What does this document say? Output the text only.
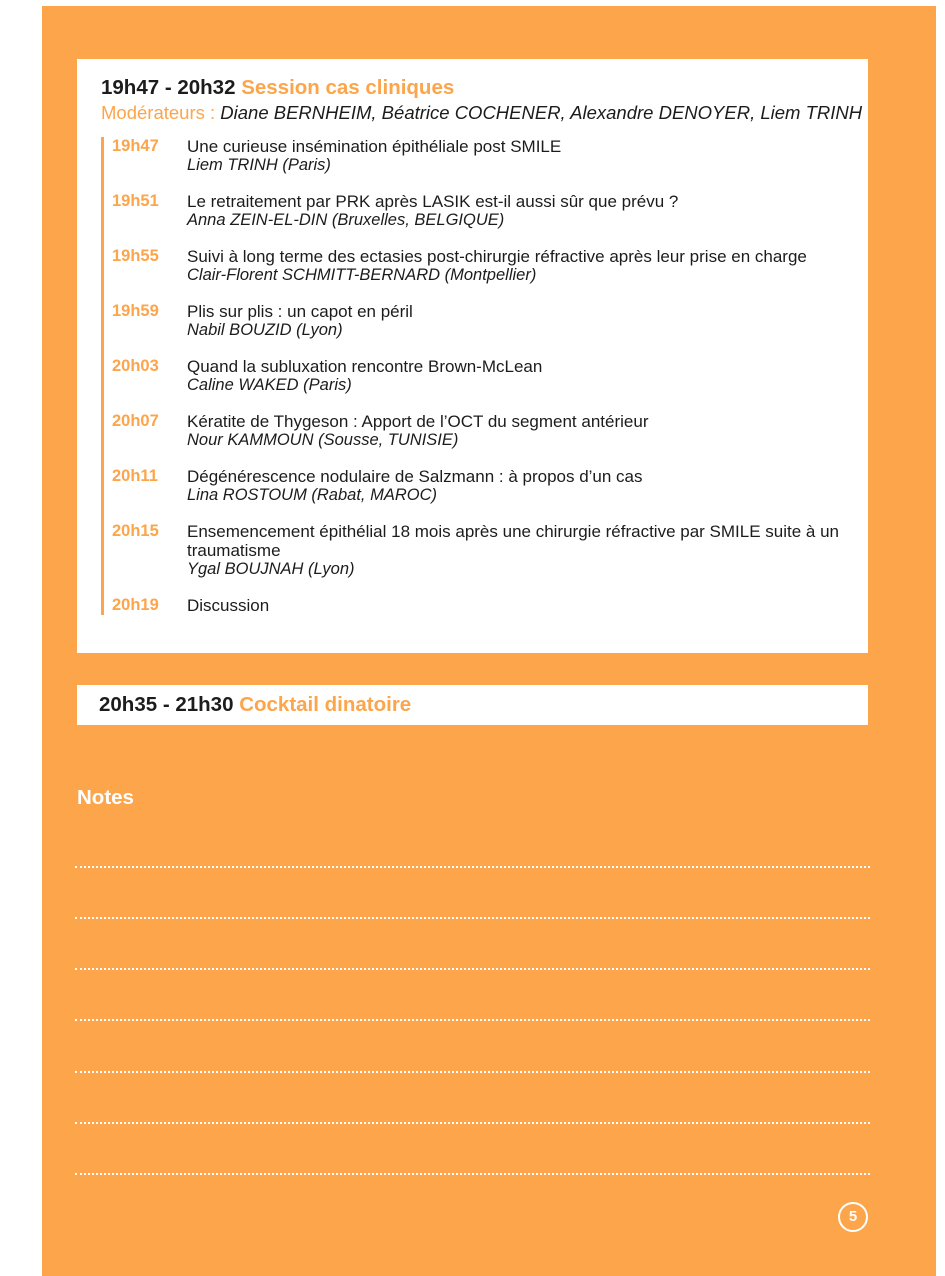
19h47 - 20h32 Session cas cliniques
Modérateurs : Diane BERNHEIM, Béatrice COCHENER, Alexandre DENOYER, Liem TRINH
19h47	Une curieuse insémination épithéliale post SMILE
Liem TRINH (Paris)
19h51	Le retraitement par PRK après LASIK est-il aussi sûr que prévu ?
Anna ZEIN-EL-DIN (Bruxelles, BELGIQUE)
19h55	Suivi à long terme des ectasies post-chirurgie réfractive après leur prise en charge
Clair-Florent SCHMITT-BERNARD (Montpellier)
19h59	Plis sur plis : un capot en péril
Nabil BOUZID (Lyon)
20h03	Quand la subluxation rencontre Brown-McLean
Caline WAKED (Paris)
20h07	Kératite de Thygeson : Apport de l’OCT du segment antérieur
Nour KAMMOUN (Sousse, TUNISIE)
20h11	Dégénérescence nodulaire de Salzmann : à propos d’un cas
Lina ROSTOUM (Rabat, MAROC)
20h15	Ensemencement épithélial 18 mois après une chirurgie réfractive par SMILE suite à un traumatisme
Ygal BOUJNAH (Lyon)
20h19	Discussion
20h35 - 21h30 Cocktail dinatoire
Notes
5
